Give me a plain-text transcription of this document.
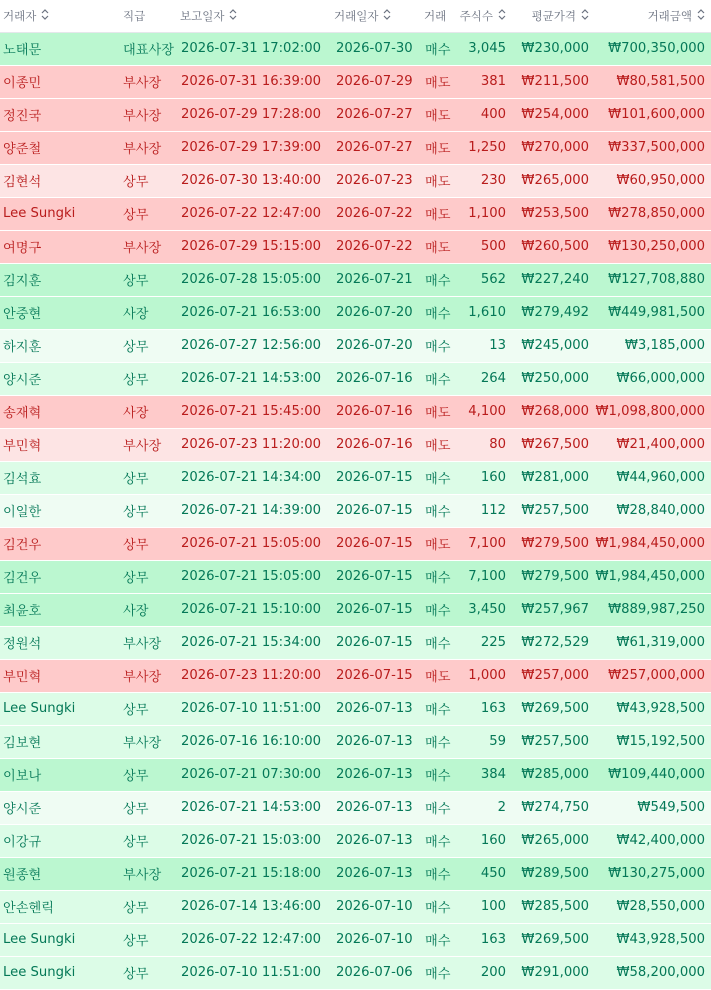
거래자	직급	보고일자	거래일자	거래	주식수	평균가격	거래금액
노태문	대표사장	2026-07-31 17:02:00	2026-07-30	매수	3,045	₩230,000	₩700,350,000
이종민	부사장	2026-07-31 16:39:00	2026-07-29	매도	381	₩211,500	₩80,581,500
정진국	부사장	2026-07-29 17:28:00	2026-07-27	매도	400	₩254,000	₩101,600,000
양준철	부사장	2026-07-29 17:39:00	2026-07-27	매도	1,250	₩270,000	₩337,500,000
김현석	상무	2026-07-30 13:40:00	2026-07-23	매도	230	₩265,000	₩60,950,000
Lee Sungki	상무	2026-07-22 12:47:00	2026-07-22	매도	1,100	₩253,500	₩278,850,000
여명구	부사장	2026-07-29 15:15:00	2026-07-22	매도	500	₩260,500	₩130,250,000
김지훈	상무	2026-07-28 15:05:00	2026-07-21	매수	562	₩227,240	₩127,708,880
안중현	사장	2026-07-21 16:53:00	2026-07-20	매수	1,610	₩279,492	₩449,981,500
하지훈	상무	2026-07-27 12:56:00	2026-07-20	매수	13	₩245,000	₩3,185,000
양시준	상무	2026-07-21 14:53:00	2026-07-16	매수	264	₩250,000	₩66,000,000
송재혁	사장	2026-07-21 15:45:00	2026-07-16	매도	4,100	₩268,000	₩1,098,800,000
부민혁	부사장	2026-07-23 11:20:00	2026-07-16	매도	80	₩267,500	₩21,400,000
김석효	상무	2026-07-21 14:34:00	2026-07-15	매수	160	₩281,000	₩44,960,000
이일한	상무	2026-07-21 14:39:00	2026-07-15	매수	112	₩257,500	₩28,840,000
김건우	상무	2026-07-21 15:05:00	2026-07-15	매도	7,100	₩279,500	₩1,984,450,000
김건우	상무	2026-07-21 15:05:00	2026-07-15	매수	7,100	₩279,500	₩1,984,450,000
최윤호	사장	2026-07-21 15:10:00	2026-07-15	매수	3,450	₩257,967	₩889,987,250
정원석	부사장	2026-07-21 15:34:00	2026-07-15	매수	225	₩272,529	₩61,319,000
부민혁	부사장	2026-07-23 11:20:00	2026-07-15	매도	1,000	₩257,000	₩257,000,000
Lee Sungki	상무	2026-07-10 11:51:00	2026-07-13	매수	163	₩269,500	₩43,928,500
김보현	부사장	2026-07-16 16:10:00	2026-07-13	매수	59	₩257,500	₩15,192,500
이보나	상무	2026-07-21 07:30:00	2026-07-13	매수	384	₩285,000	₩109,440,000
양시준	상무	2026-07-21 14:53:00	2026-07-13	매수	2	₩274,750	₩549,500
이강규	상무	2026-07-21 15:03:00	2026-07-13	매수	160	₩265,000	₩42,400,000
원종현	부사장	2026-07-21 15:18:00	2026-07-13	매수	450	₩289,500	₩130,275,000
안손헨릭	상무	2026-07-14 13:46:00	2026-07-10	매수	100	₩285,500	₩28,550,000
Lee Sungki	상무	2026-07-22 12:47:00	2026-07-10	매수	163	₩269,500	₩43,928,500
Lee Sungki	상무	2026-07-10 11:51:00	2026-07-06	매수	200	₩291,000	₩58,200,000
